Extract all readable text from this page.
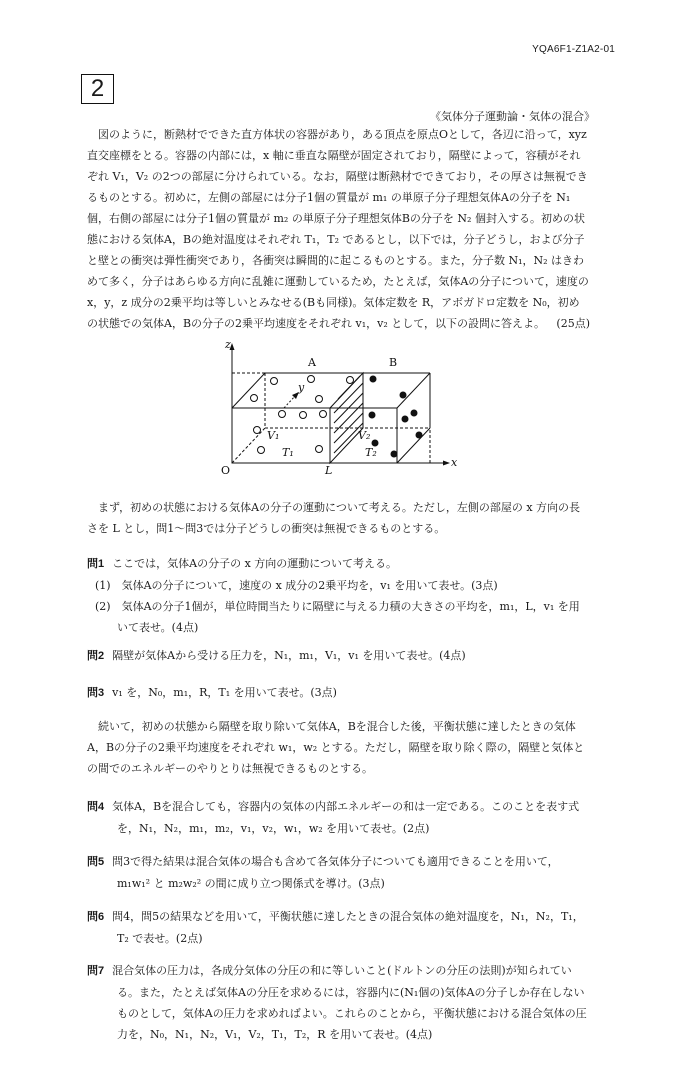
YQA6F1-Z1A2-01
2
《気体分子運動論・気体の混合》

図のように，断熱材でできた直方体状の容器があり，ある頂点を原点Oとして，各辺に沿って，xyz 直交座標をとる。容器の内部には，x 軸に垂直な隔壁が固定されており，隔壁によって，容積がそれぞれ V₁，V₂ の2つの部屋に分けられている。なお，隔壁は断熱材でできており，その厚さは無視できるものとする。初めに，左側の部屋には分子1個の質量が m₁ の単原子分子理想気体Aの分子を N₁ 個，右側の部屋には分子1個の質量が m₂ の単原子分子理想気体Bの分子を N₂ 個封入する。初めの状態における気体A，Bの絶対温度はそれぞれ T₁，T₂ であるとし，以下では，分子どうし，および分子と壁との衝突は弾性衝突であり，各衝突は瞬間的に起こるものとする。また，分子数 N₁，N₂ はきわめて多く，分子はあらゆる方向に乱雑に運動しているため，たとえば，気体Aの分子について，速度の x，y，z 成分の2乗平均は等しいとみなせる(Bも同様)。気体定数を R，アボガドロ定数を N₀，初めの状態での気体A，Bの分子の2乗平均速度をそれぞれ v₁，v₂ として，以下の設問に答えよ。	(25点)

A	B
z
y
x
O	L
V₁
T₁
V₂
T₂

まず，初めの状態における気体Aの分子の運動について考える。ただし，左側の部屋の x 方向の長さを L とし，問1～問3では分子どうしの衝突は無視できるものとする。

問1 ここでは，気体Aの分子の x 方向の運動について考える。
(1)　気体Aの分子について，速度の x 成分の2乗平均を，v₁ を用いて表せ。(3点)
(2)　気体Aの分子1個が，単位時間当たりに隔壁に与える力積の大きさの平均を，m₁，L，v₁ を用いて表せ。(4点)
問2 隔壁が気体Aから受ける圧力を，N₁，m₁，V₁，v₁ を用いて表せ。(4点)
問3 v₁ を，N₀，m₁，R，T₁ を用いて表せ。(3点)

続いて，初めの状態から隔壁を取り除いて気体A，Bを混合した後，平衡状態に達したときの気体A，Bの分子の2乗平均速度をそれぞれ w₁，w₂ とする。ただし，隔壁を取り除く際の，隔壁と気体との間でのエネルギーのやりとりは無視できるものとする。

問4 気体A，Bを混合しても，容器内の気体の内部エネルギーの和は一定である。このことを表す式を，N₁，N₂，m₁，m₂，v₁，v₂，w₁，w₂ を用いて表せ。(2点)
問5 問3で得た結果は混合気体の場合も含めて各気体分子についても適用できることを用いて，m₁w₁² と m₂w₂² の間に成り立つ関係式を導け。(3点)
問6 問4，問5の結果などを用いて，平衡状態に達したときの混合気体の絶対温度を，N₁，N₂，T₁，T₂ で表せ。(2点)
問7 混合気体の圧力は，各成分気体の分圧の和に等しいこと(ドルトンの分圧の法則)が知られている。また，たとえば気体Aの分圧を求めるには，容器内に(N₁個の)気体Aの分子しか存在しないものとして，気体Aの圧力を求めればよい。これらのことから，平衡状態における混合気体の圧力を，N₀，N₁，N₂，V₁，V₂，T₁，T₂，R を用いて表せ。(4点)
